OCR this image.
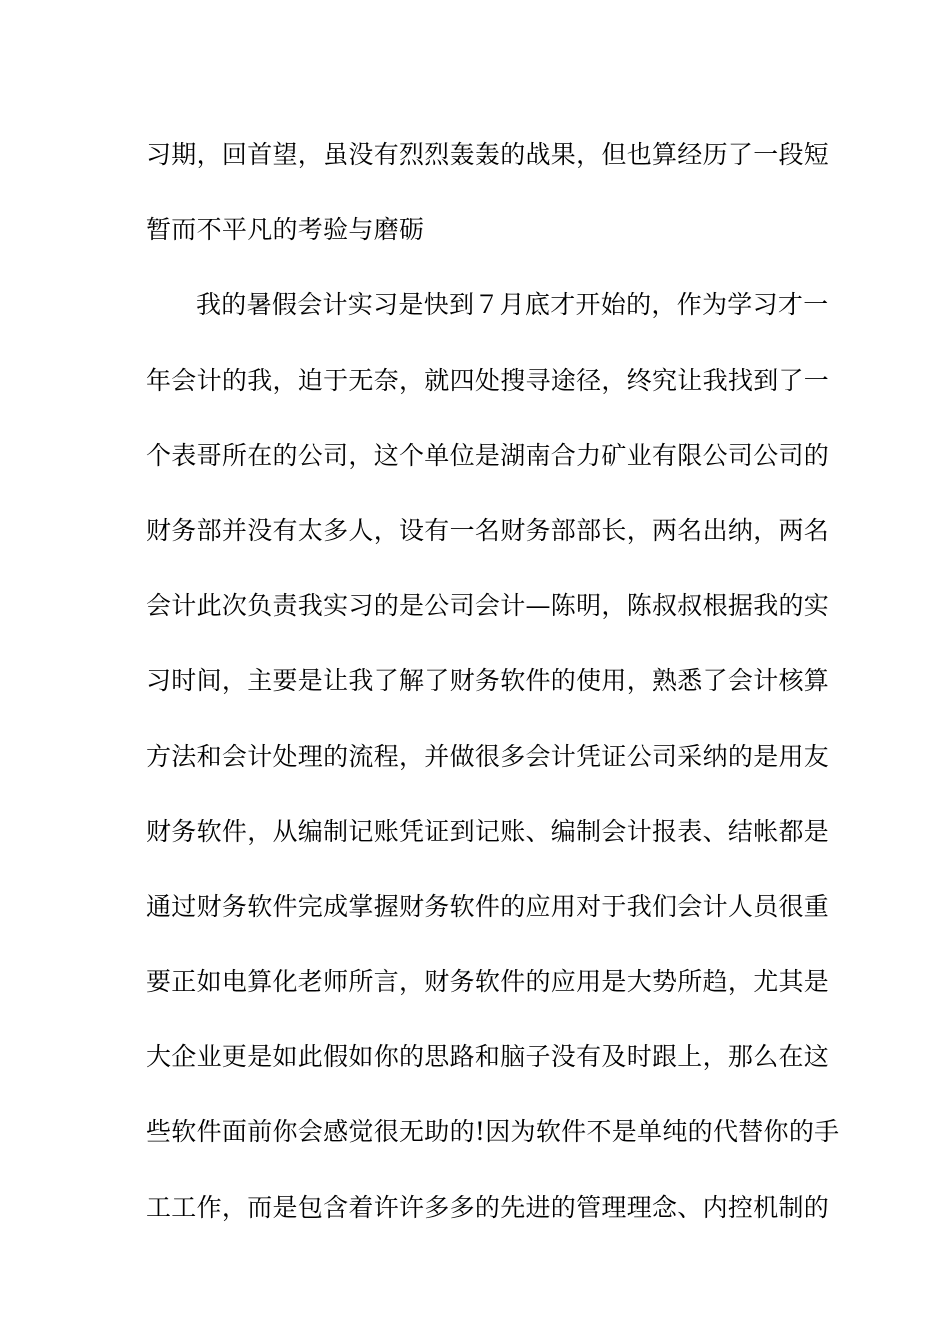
习期，回首望，虽没有烈烈轰轰的战果，但也算经历了一段短
暂而不平凡的考验与磨砺
我的暑假会计实习是快到７月底才开始的，作为学习才一
年会计的我，迫于无奈，就四处搜寻途径，终究让我找到了一
个表哥所在的公司，这个单位是湖南合力矿业有限公司公司的
财务部并没有太多人，设有一名财务部部长，两名出纳，两名
会计此次负责我实习的是公司会计—陈明，陈叔叔根据我的实
习时间，主要是让我了解了财务软件的使用，熟悉了会计核算
方法和会计处理的流程，并做很多会计凭证公司采纳的是用友
财务软件，从编制记账凭证到记账、编制会计报表、结帐都是
通过财务软件完成掌握财务软件的应用对于我们会计人员很重
要正如电算化老师所言，财务软件的应用是大势所趋，尤其是
大企业更是如此假如你的思路和脑子没有及时跟上，那么在这
些软件面前你会感觉很无助的!因为软件不是单纯的代替你的手
工工作，而是包含着许许多多的先进的管理理念、内控机制的
